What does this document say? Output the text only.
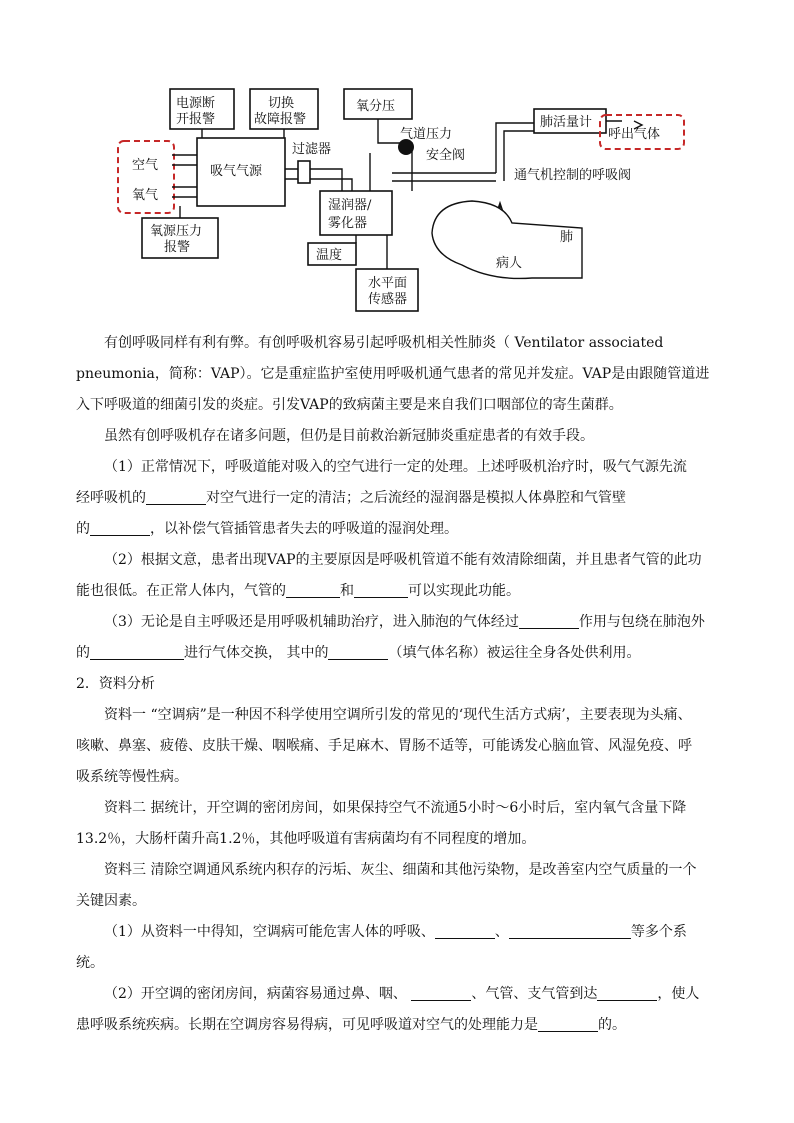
电源断
开报警
切换
故障报警
氧分压
肺活量计
呼出气体
空气
氧气
吸气气源
过滤器
气道压力
安全阀
通气机控制的呼吸阀
湿润器/
雾化器
氧源压力
报警
温度
水平面
传感器
肺
病人

有创呼吸同样有利有弊。有创呼吸机容易引起呼吸机相关性肺炎（ Ventilator associated

pneumonia，简称：VAP）。它是重症监护室使用呼吸机通气患者的常见并发症。VAP是由跟随管道进

入下呼吸道的细菌引发的炎症。引发VAP的致病菌主要是来自我们口咽部位的寄生菌群。

虽然有创呼吸机存在诸多问题，但仍是目前救治新冠肺炎重症患者的有效手段。

（1）正常情况下，呼吸道能对吸入的空气进行一定的处理。上述呼吸机治疗时，吸气气源先流

经呼吸机的	对空气进行一定的清洁；之后流经的湿润器是模拟人体鼻腔和气管壁

的	，以补偿气管插管患者失去的呼吸道的湿润处理。

（2）根据文意，患者出现VAP的主要原因是呼吸机管道不能有效清除细菌，并且患者气管的此功

能也很低。在正常人体内，气管的	和	可以实现此功能。

（3）无论是自主呼吸还是用呼吸机辅助治疗，进入肺泡的气体经过	作用与包绕在肺泡外

的	进行气体交换， 其中的	（填气体名称）被运往全身各处供利用。

2．资料分析

资料一 “空调病”是一种因不科学使用空调所引发的常见的‘现代生活方式病’，主要表现为头痛、

咳嗽、鼻塞、疲倦、皮肤干燥、咽喉痛、手足麻木、胃肠不适等，可能诱发心脑血管、风湿免疫、呼

吸系统等慢性病。

资料二 据统计，开空调的密闭房间，如果保持空气不流通5小时～6小时后，室内氧气含量下降

13.2％，大肠杆菌升高1.2％，其他呼吸道有害病菌均有不同程度的增加。

资料三 清除空调通风系统内积存的污垢、灰尘、细菌和其他污染物，是改善室内空气质量的一个

关键因素。

（1）从资料一中得知，空调病可能危害人体的呼吸、	、	等多个系

统。

（2）开空调的密闭房间，病菌容易通过鼻、咽、	、气管、支气管到达	，使人

患呼吸系统疾病。长期在空调房容易得病，可见呼吸道对空气的处理能力是	的。
